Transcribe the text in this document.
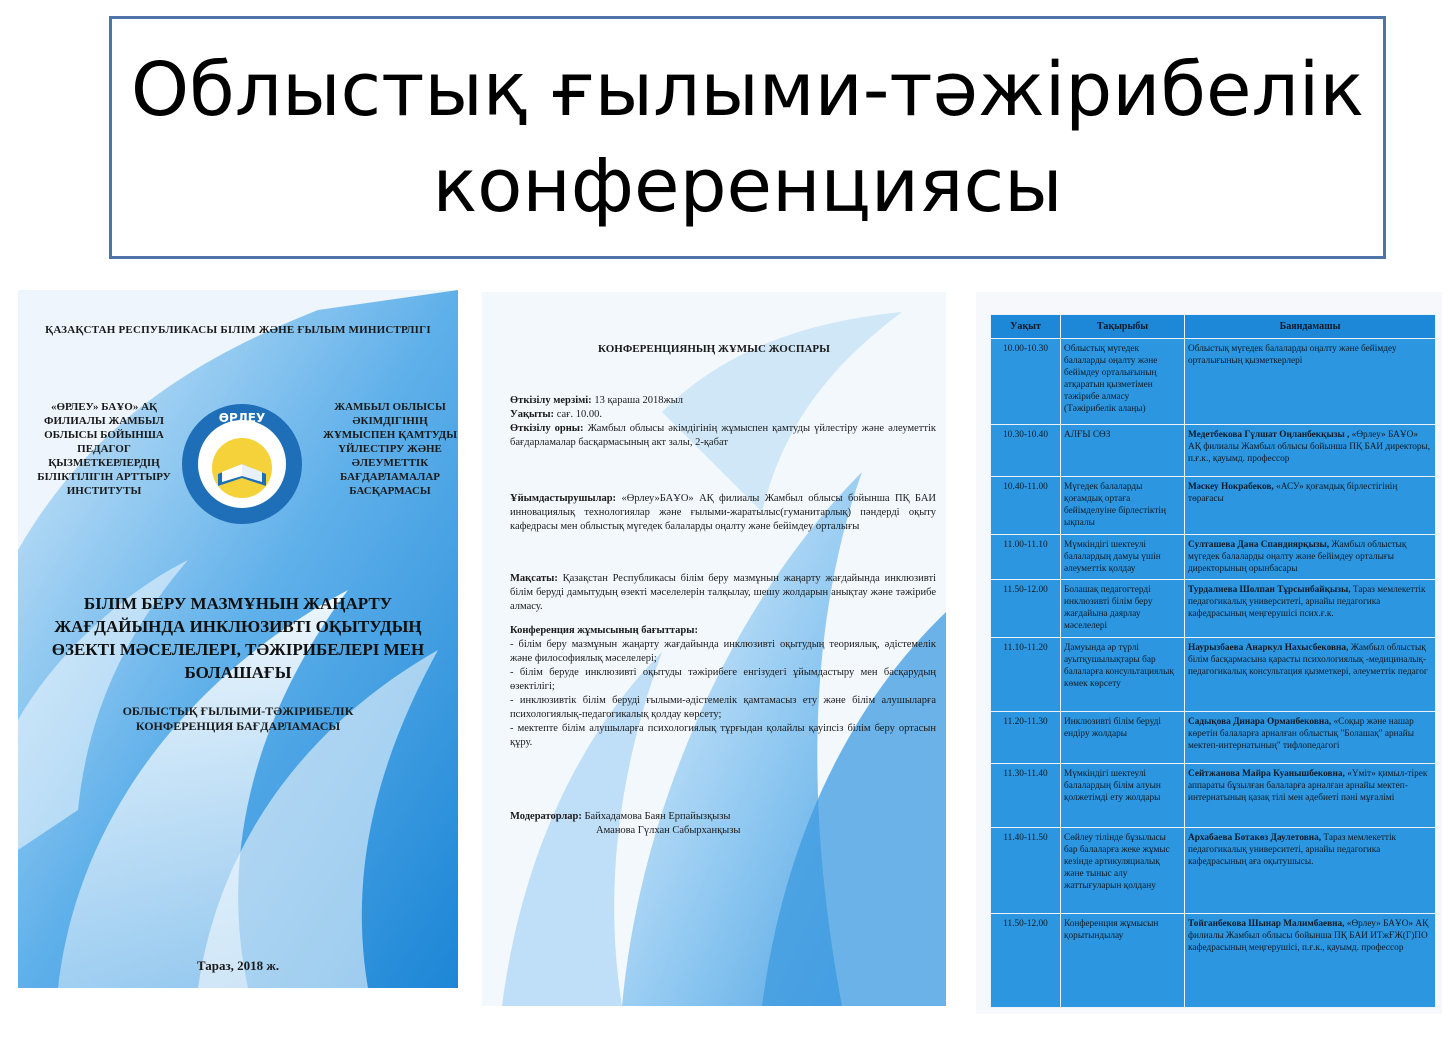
Облыстық ғылыми-тәжірибелік конференциясы
ҚАЗАҚСТАН РЕСПУБЛИКАСЫ БІЛІМ ЖӘНЕ ҒЫЛЫМ МИНИСТРЛІГІ
«ӨРЛЕУ» БАҰО» АҚ ФИЛИАЛЫ ЖАМБЫЛ ОБЛЫСЫ БОЙЫНША ПЕДАГОГ ҚЫЗМЕТКЕРЛЕРДІҢ БІЛІКТІЛІГІН АРТТЫРУ ИНСТИТУТЫ
ӨРЛЕУ
ЖАМБЫЛ ОБЛЫСЫ ӘКІМДІГІНІҢ ЖҰМЫСПЕН ҚАМТУДЫ ҮЙЛЕСТІРУ ЖӘНЕ ӘЛЕУМЕТТІК БАҒДАРЛАМАЛАР БАСҚАРМАСЫ
БІЛІМ БЕРУ МАЗМҰНЫН ЖАҢАРТУ ЖАҒДАЙЫНДА ИНКЛЮЗИВТІ ОҚЫТУДЫҢ ӨЗЕКТІ МӘСЕЛЕЛЕРІ, ТӘЖІРИБЕЛЕРІ МЕН БОЛАШАҒЫ
ОБЛЫСТЫҚ ҒЫЛЫМИ-ТӘЖІРИБЕЛІК КОНФЕРЕНЦИЯ БАҒДАРЛАМАСЫ
Тараз, 2018 ж.
КОНФЕРЕНЦИЯНЫҢ ЖҰМЫС ЖОСПАРЫ
Өткізілу мерзімі: 13 қараша 2018жыл
Уақыты: сағ. 10.00.
Өткізілу орны: Жамбыл облысы әкімдігінің жұмыспен қамтуды үйлестіру және әлеуметтік бағдарламалар басқармасының акт залы, 2-қабат
Ұйымдастырушылар: «Өрлеу»БАҰО» АҚ филиалы Жамбыл облысы бойынша ПҚ БАИ инновациялық технологиялар және ғылыми-жаратылыс(гуманитарлық) пәндерді оқыту кафедрасы мен облыстық мүгедек балаларды оңалту және бейімдеу орталығы
Мақсаты: Қазақстан Республикасы білім беру мазмұнын жаңарту жағдайында инклюзивті білім беруді дамытудың өзекті мәселелерін талқылау, шешу жолдарын анықтау және тәжірибе алмасу.
Конференция жұмысының бағыттары:
- білім беру мазмұнын жаңарту жағдайында инклюзивті оқытудың теориялық, әдістемелік және философиялық мәселелері;
- білім беруде инклюзивті оқытуды тәжірибеге енгізудегі ұйымдастыру мен басқарудың өзектілігі;
- инклюзивтік білім беруді ғылыми-әдістемелік қамтамасыз ету және білім алушыларға психологиялық-педагогикалық қолдау көрсету;
- мектепте білім алушыларға психологиялық тұрғыдан қолайлы қауіпсіз білім беру ортасын құру.
Модераторлар: Байхадамова Баян Ерпайызқызы
Аманова Гүлхан Сабырханқызы
Уақыт	Тақырыбы	Баяндамашы
10.00-10.30	Облыстық мүгедек балаларды оңалту және бейімдеу орталығының атқаратын қызметімен тәжірибе алмасу (Тәжірибелік алаңы)	Облыстық мүгедек балаларды оңалту және бейімдеу орталығының қызметкерлері
10.30-10.40	АЛҒЫ СӨЗ	Медетбекова Гүлшат Оңланбекқызы , «Өрлеу» БАҰО» АҚ филиалы Жамбыл облысы бойынша ПҚ БАИ директоры, п.ғ.к., қауымд. профессор
10.40-11.00	Мүгедек балаларды қоғамдық ортаға бейімделуіне бірлестіктің ықпалы	Мәскеу Нокрабеков, «АСУ» қоғамдық бірлестігінің төрағасы
11.00-11.10	Мүмкіндігі шектеулі балалардың дамуы үшін әлеуметтік қолдау	Султашева Дана Спандиярқызы, Жамбыл облыстық мүгедек балаларды оңалту және бейімдеу орталығы директорының орынбасары
11.50-12.00	Болашақ педагогтерді инклюзивті білім беру жағдайына даярлау мәселелері	Турдалиева Шолпан Тұрсынбайқызы, Тараз мемлекеттік педагогикалық университеті, арнайы педагогика кафедрасының меңгерушісі псих.ғ.к.
11.10-11.20	Дамуында әр түрлі ауытқушылықтары бар балаларға консультациялық көмек көрсету	Наурызбаева Анаркул Нахысбековна, Жамбыл облыстық білім басқармасына қарасты психологиялық -медициналық-педагогикалық консультация қызметкері, әлеуметтік педагог
11.20-11.30	Инклюзивті білім беруді ендіру жолдары	Садықова Динара Орманбековна, «Соқыр және нашар көретін балаларға арналған облыстық "Болашақ" арнайы мектеп-интернатының" тифлопедагогі
11.30-11.40	Мүмкіндігі шектеулі балалардың білім алуын қолжетімді ету жолдары	Сейтжанова Майра Куанышбековна, «Үміт» қимыл-тірек аппараты бұзылған балаларға арналған арнайы мектеп-интернатының қазақ тілі мен әдебиеті пәні мұғалімі
11.40-11.50	Сөйлеу тілінде бұзылысы бар балаларға жеке жұмыс кезінде артикуляциалық және тыныс алу жаттығуларын қолдану	Архабаева Ботакөз Даулетовна, Тараз мемлекеттік педагогикалық университеті, арнайы педагогика кафедрасының аға оқытушысы.
11.50-12.00	Конференция жұмысын қорытындылау	Тойганбекова Шынар Малимбаевна, «Өрлеу» БАҰО» АҚ филиалы Жамбыл облысы бойынша ПҚ БАИ ИТжҒЖ(Г)ПО кафедрасының меңгерушісі, п.ғ.к., қауымд. профессор
